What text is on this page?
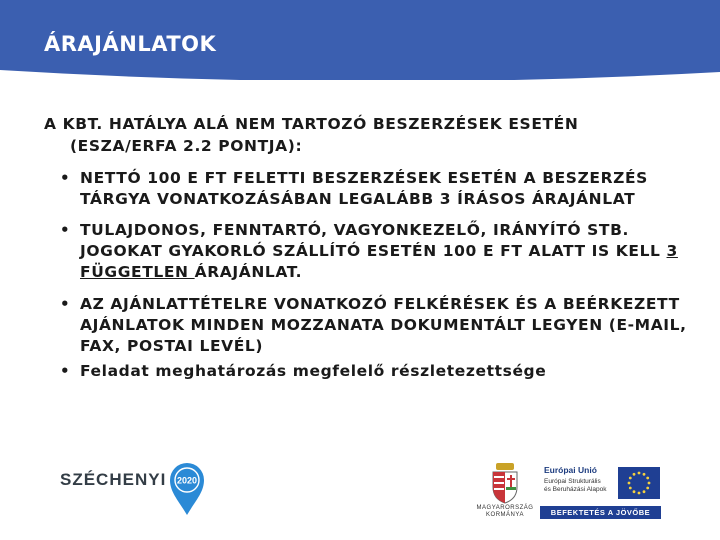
ÁRAJÁNLATOK

A KBT. HATÁLYA ALÁ NEM TARTOZÓ BESZERZÉSEK ESETÉN
(ESZA/ERFA 2.2 PONTJA):

• NETTÓ 100 E FT FELETTI BESZERZÉSEK ESETÉN A BESZERZÉS TÁRGYA VONATKOZÁSÁBAN LEGALÁBB 3 ÍRÁSOS ÁRAJÁNLAT
• TULAJDONOS, FENNTARTÓ, VAGYONKEZELŐ, IRÁNYÍTÓ STB. JOGOKAT GYAKORLÓ SZÁLLÍTÓ ESETÉN 100 E FT ALATT IS KELL 3 FÜGGETLEN ÁRAJÁNLAT.
• AZ AJÁNLATTÉTELRE VONATKOZÓ FELKÉRÉSEK ÉS A BEÉRKEZETT AJÁNLATOK MINDEN MOZZANATA DOKUMENTÁLT LEGYEN (E-MAIL, FAX, POSTAI LEVÉL)
• Feladat meghatározás megfelelő részletezettsége
SZÉCHENYI 2020
MAGYARORSZÁG
KORMÁNYA

Európai Unió

Európai Strukturális

és Beruházási Alapok

BEFEKTETÉS A JÖVŐBE
